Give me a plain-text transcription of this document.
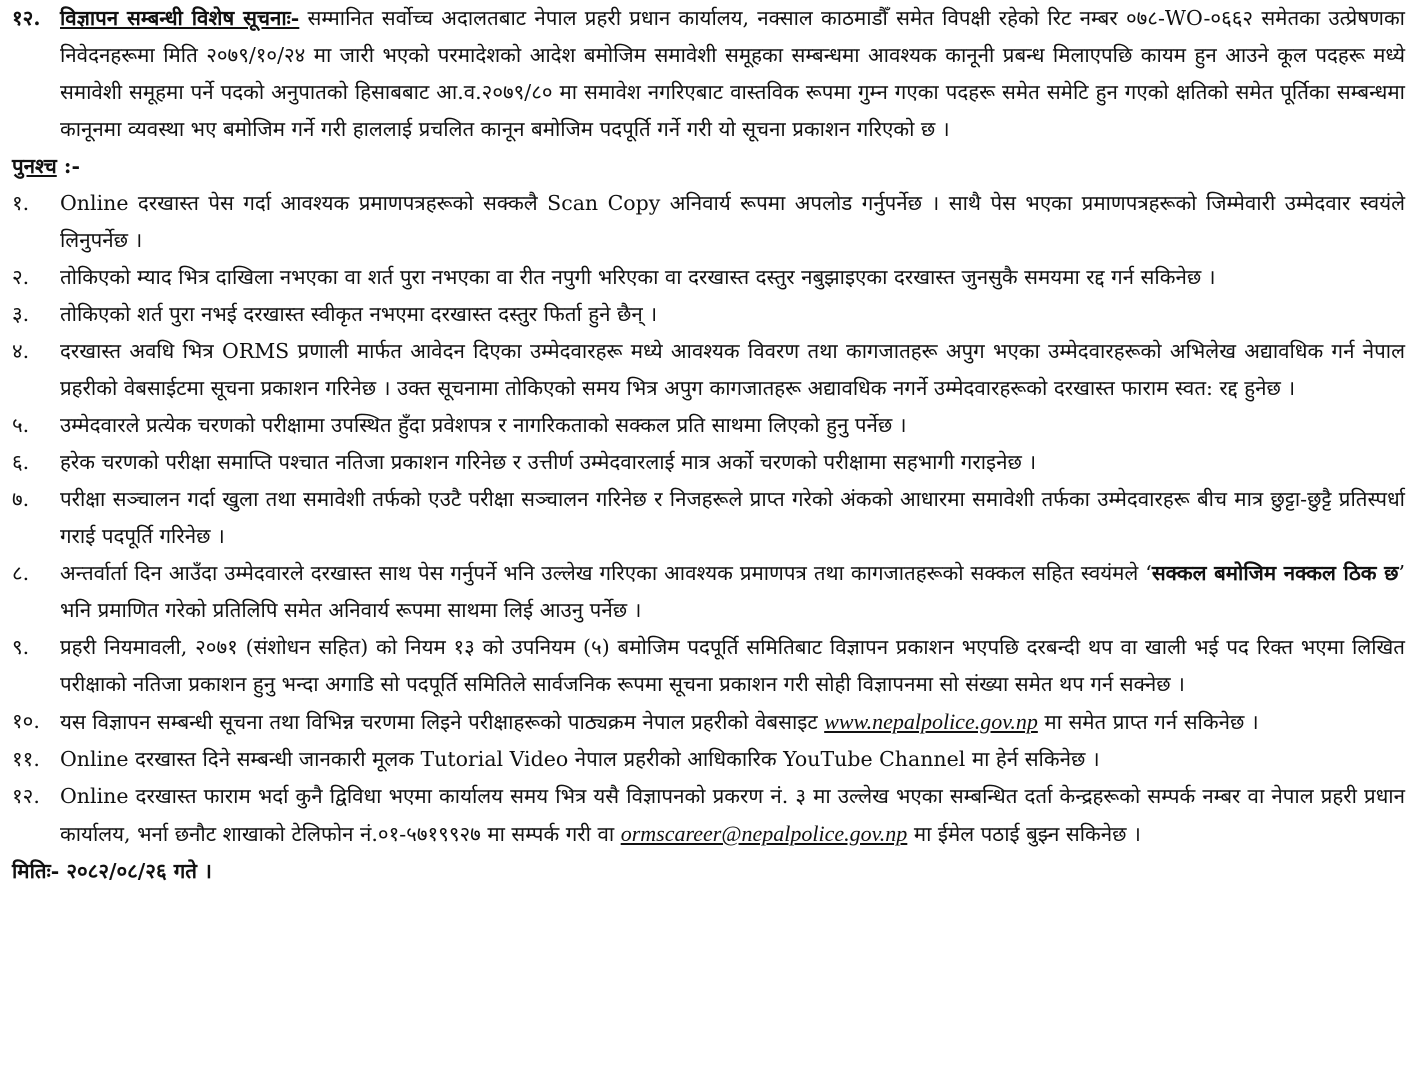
१२. विज्ञापन सम्बन्धी विशेष सूचनाः- सम्मानित सर्वोच्च अदालतबाट नेपाल प्रहरी प्रधान कार्यालय, नक्साल काठमाडौँ समेत विपक्षी रहेको रिट नम्बर ०७८-WO-०६६२ समेतका उत्प्रेषणका निवेदनहरूमा मिति २०७९/१०/२४ मा जारी भएको परमादेशको आदेश बमोजिम समावेशी समूहका सम्बन्धमा आवश्यक कानूनी प्रबन्ध मिलाएपछि कायम हुन आउने कूल पदहरू मध्ये समावेशी समूहमा पर्ने पदको अनुपातको हिसाबबाट आ.व.२०७९/८० मा समावेश नगरिएबाट वास्तविक रूपमा गुम्न गएका पदहरू समेत समेटि हुन गएको क्षतिको समेत पूर्तिका सम्बन्धमा कानूनमा व्यवस्था भए बमोजिम गर्ने गरी हाललाई प्रचलित कानून बमोजिम पदपूर्ति गर्ने गरी यो सूचना प्रकाशन गरिएको छ ।

पुनश्च :-

१. Online दरखास्त पेस गर्दा आवश्यक प्रमाणपत्रहरूको सक्कलै Scan Copy अनिवार्य रूपमा अपलोड गर्नुपर्नेछ । साथै पेस भएका प्रमाणपत्रहरूको जिम्मेवारी उम्मेदवार स्वयंले लिनुपर्नेछ ।
२. तोकिएको म्याद भित्र दाखिला नभएका वा शर्त पुरा नभएका वा रीत नपुगी भरिएका वा दरखास्त दस्तुर नबुझाइएका दरखास्त जुनसुकै समयमा रद्द गर्न सकिनेछ ।
३. तोकिएको शर्त पुरा नभई दरखास्त स्वीकृत नभएमा दरखास्त दस्तुर फिर्ता हुने छैन् ।
४. दरखास्त अवधि भित्र ORMS प्रणाली मार्फत आवेदन दिएका उम्मेदवारहरू मध्ये आवश्यक विवरण तथा कागजातहरू अपुग भएका उम्मेदवारहरूको अभिलेख अद्यावधिक गर्न नेपाल प्रहरीको वेबसाईटमा सूचना प्रकाशन गरिनेछ । उक्त सूचनामा तोकिएको समय भित्र अपुग कागजातहरू अद्यावधिक नगर्ने उम्मेदवारहरूको दरखास्त फाराम स्वत: रद्द हुनेछ ।
५. उम्मेदवारले प्रत्येक चरणको परीक्षामा उपस्थित हुँदा प्रवेशपत्र र नागरिकताको सक्कल प्रति साथमा लिएको हुनु पर्नेछ ।
६. हरेक चरणको परीक्षा समाप्ति पश्चात नतिजा प्रकाशन गरिनेछ र उत्तीर्ण उम्मेदवारलाई मात्र अर्को चरणको परीक्षामा सहभागी गराइनेछ ।
७. परीक्षा सञ्चालन गर्दा खुला तथा समावेशी तर्फको एउटै परीक्षा सञ्चालन गरिनेछ र निजहरूले प्राप्त गरेको अंकको आधारमा समावेशी तर्फका उम्मेदवारहरू बीच मात्र छुट्टा-छुट्टै प्रतिस्पर्धा गराई पदपूर्ति गरिनेछ ।
८. अन्तर्वार्ता दिन आउँदा उम्मेदवारले दरखास्त साथ पेस गर्नुपर्ने भनि उल्लेख गरिएका आवश्यक प्रमाणपत्र तथा कागजातहरूको सक्कल सहित स्वयंमले ‘सक्कल बमोजिम नक्कल ठिक छ’ भनि प्रमाणित गरेको प्रतिलिपि समेत अनिवार्य रूपमा साथमा लिई आउनु पर्नेछ ।
९. प्रहरी नियमावली, २०७१ (संशोधन सहित) को नियम १३ को उपनियम (५) बमोजिम पदपूर्ति समितिबाट विज्ञापन प्रकाशन भएपछि दरबन्दी थप वा खाली भई पद रिक्त भएमा लिखित परीक्षाको नतिजा प्रकाशन हुनु भन्दा अगाडि सो पदपूर्ति समितिले सार्वजनिक रूपमा सूचना प्रकाशन गरी सोही विज्ञापनमा सो संख्या समेत थप गर्न सक्नेछ ।
१०. यस विज्ञापन सम्बन्धी सूचना तथा विभिन्न चरणमा लिइने परीक्षाहरूको पाठ्यक्रम नेपाल प्रहरीको वेबसाइट www.nepalpolice.gov.np मा समेत प्राप्त गर्न सकिनेछ ।
११. Online दरखास्त दिने सम्बन्धी जानकारी मूलक Tutorial Video नेपाल प्रहरीको आधिकारिक YouTube Channel मा हेर्न सकिनेछ ।
१२. Online दरखास्त फाराम भर्दा कुनै द्विविधा भएमा कार्यालय समय भित्र यसै विज्ञापनको प्रकरण नं. ३ मा उल्लेख भएका सम्बन्धित दर्ता केन्द्रहरूको सम्पर्क नम्बर वा नेपाल प्रहरी प्रधान कार्यालय, भर्ना छनौट शाखाको टेलिफोन नं.०१-५७१९९२७ मा सम्पर्क गरी वा ormscareer@nepalpolice.gov.np मा ईमेल पठाई बुझ्न सकिनेछ ।

मितिः- २०८२/०८/२६ गते ।
